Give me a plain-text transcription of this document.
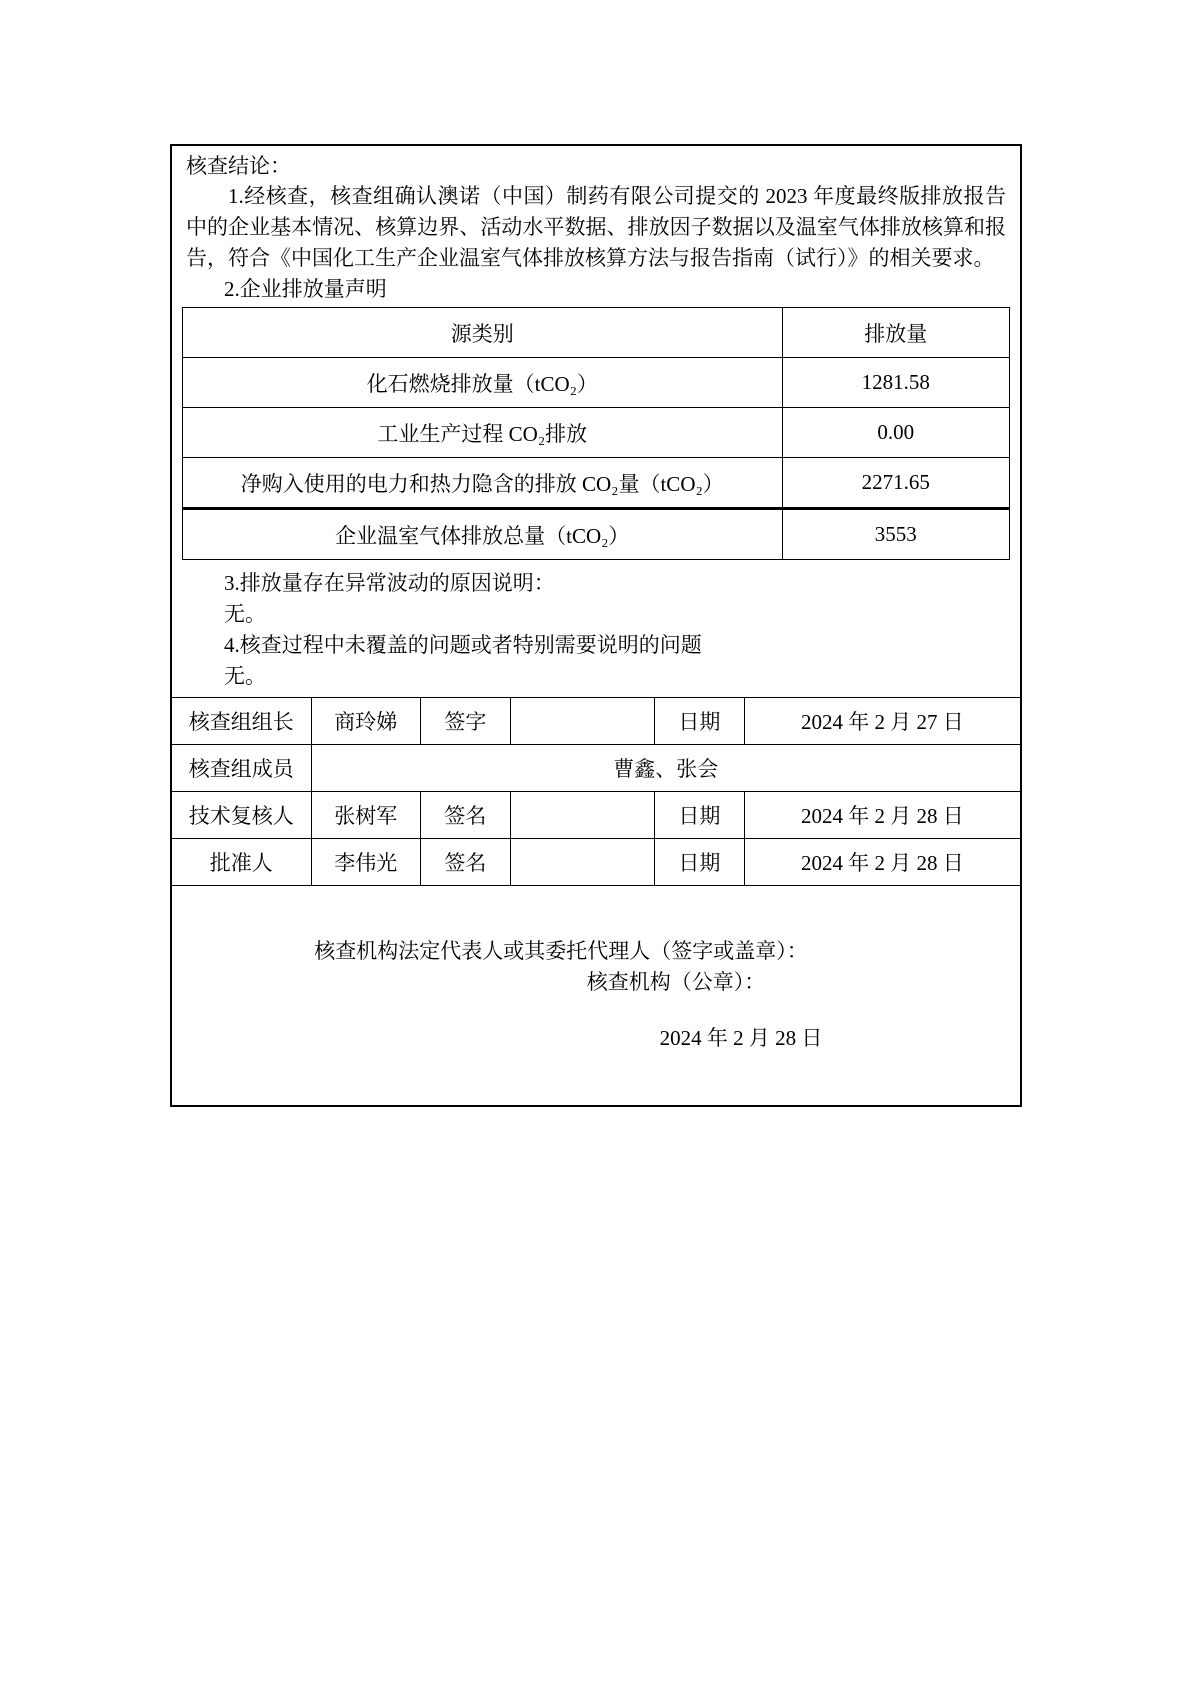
核查结论：

1.经核查，核查组确认澳诺（中国）制药有限公司提交的 2023 年度最终版排放报告中的企业基本情况、核算边界、活动水平数据、排放因子数据以及温室气体排放核算和报告，符合《中国化工生产企业温室气体排放核算方法与报告指南（试行）》的相关要求。

2.企业排放量声明

源类别	排放量
化石燃烧排放量（tCO₂）	1281.58
工业生产过程 CO₂排放	0.00
净购入使用的电力和热力隐含的排放 CO₂量（tCO₂）	2271.65
企业温室气体排放总量（tCO₂）	3553

3.排放量存在异常波动的原因说明：

无。

4.核查过程中未覆盖的问题或者特别需要说明的问题

无。

核查组组长	商玲娣	签字		日期	2024 年 2 月 27 日
核查组成员	曹鑫、张会				
技术复核人	张树军	签名		日期	2024 年 2 月 28 日
批准人	李伟光	签名		日期	2024 年 2 月 28 日
核查机构法定代表人或其委托代理人（签字或盖章）：
核查机构（公章）：
2024 年 2 月 28 日
